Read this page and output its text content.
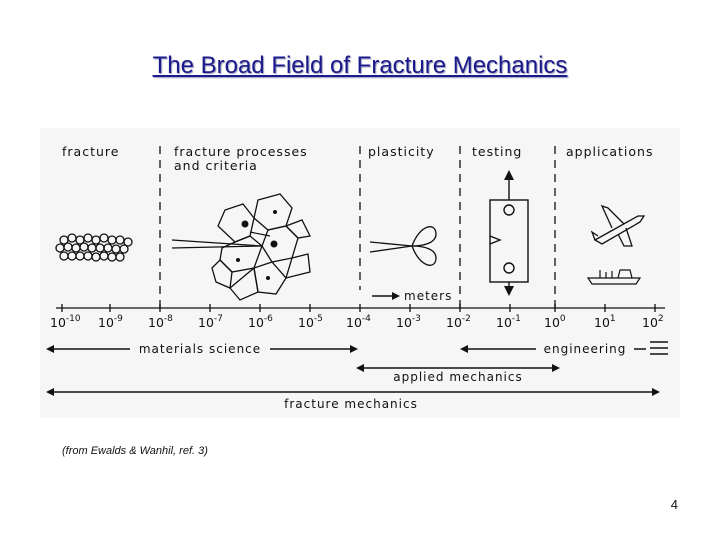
The Broad Field of Fracture Mechanics
fracture	fracture processes
and criteria
plasticity	testing	applications
meters
$10^{-10}$ $10^{-9}$ $10^{-8}$ $10^{-7}$ $10^{-6}$ $10^{-5}$ $10^{-4}$ $10^{-3}$ $10^{-2}$ $10^{-1}$ $10^0$ $10^1$ $10^2$
materials science	engineering
applied mechanics
fracture mechanics
(from Ewalds & Wanhil, ref. 3)
4
